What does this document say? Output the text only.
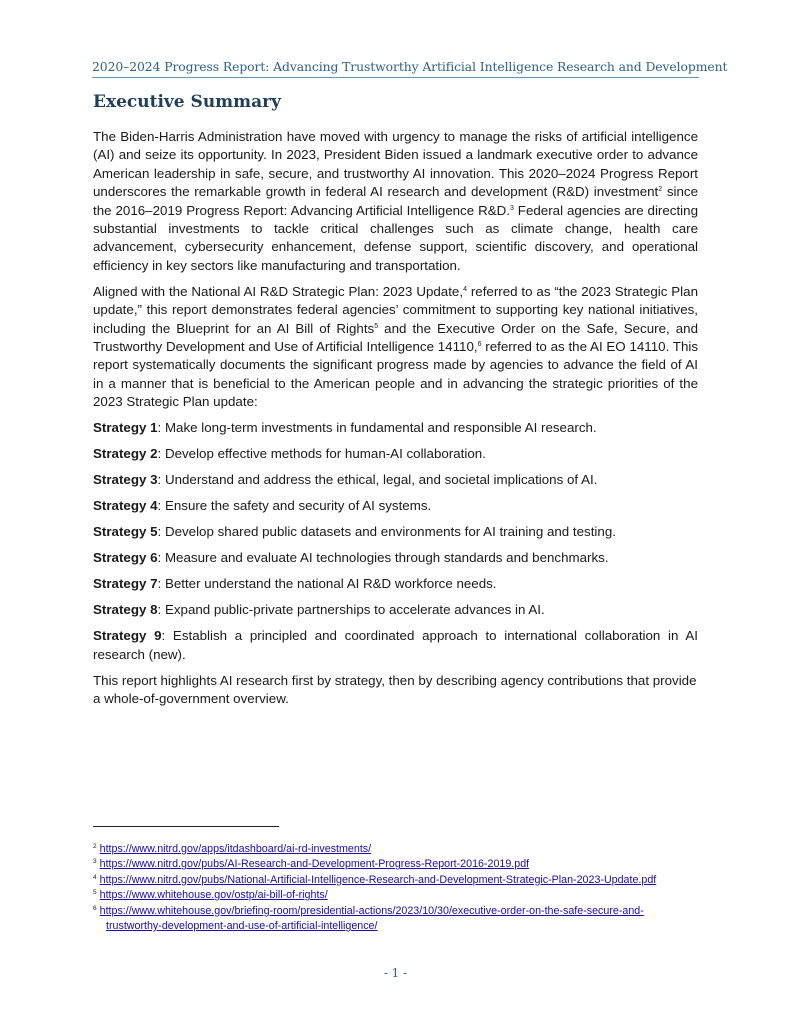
2020–2024 Progress Report: Advancing Trustworthy Artificial Intelligence Research and Development
Executive Summary

The Biden-Harris Administration have moved with urgency to manage the risks of artificial intelligence (AI) and seize its opportunity. In 2023, President Biden issued a landmark executive order to advance American leadership in safe, secure, and trustworthy AI innovation. This 2020–2024 Progress Report underscores the remarkable growth in federal AI research and development (R&D) investment$^2$ since the 2016–2019 Progress Report: Advancing Artificial Intelligence R&D.$^3$ Federal agencies are directing substantial investments to tackle critical challenges such as climate change, health care advancement, cybersecurity enhancement, defense support, scientific discovery, and operational efficiency in key sectors like manufacturing and transportation.

Aligned with the National AI R&D Strategic Plan: 2023 Update,$^4$ referred to as “the 2023 Strategic Plan update,” this report demonstrates federal agencies’ commitment to supporting key national initiatives, including the Blueprint for an AI Bill of Rights$^5$ and the Executive Order on the Safe, Secure, and Trustworthy Development and Use of Artificial Intelligence 14110,$^6$ referred to as the AI EO 14110. This report systematically documents the significant progress made by agencies to advance the field of AI in a manner that is beneficial to the American people and in advancing the strategic priorities of the 2023 Strategic Plan update:

Strategy 1: Make long-term investments in fundamental and responsible AI research.

Strategy 2: Develop effective methods for human-AI collaboration.

Strategy 3: Understand and address the ethical, legal, and societal implications of AI.

Strategy 4: Ensure the safety and security of AI systems.

Strategy 5: Develop shared public datasets and environments for AI training and testing.

Strategy 6: Measure and evaluate AI technologies through standards and benchmarks.

Strategy 7: Better understand the national AI R&D workforce needs.

Strategy 8: Expand public-private partnerships to accelerate advances in AI.

Strategy 9: Establish a principled and coordinated approach to international collaboration in AI research (new).

This report highlights AI research first by strategy, then by describing agency contributions that provide a whole-of-government overview.

$^2$ https://www.nitrd.gov/apps/itdashboard/ai-rd-investments/

$^3$ https://www.nitrd.gov/pubs/AI-Research-and-Development-Progress-Report-2016-2019.pdf

$^4$ https://www.nitrd.gov/pubs/National-Artificial-Intelligence-Research-and-Development-Strategic-Plan-2023-Update.pdf

$^5$ https://www.whitehouse.gov/ostp/ai-bill-of-rights/

$^6$ https://www.whitehouse.gov/briefing-room/presidential-actions/2023/10/30/executive-order-on-the-safe-secure-and-
trustworthy-development-and-use-of-artificial-intelligence/

- 1 -
